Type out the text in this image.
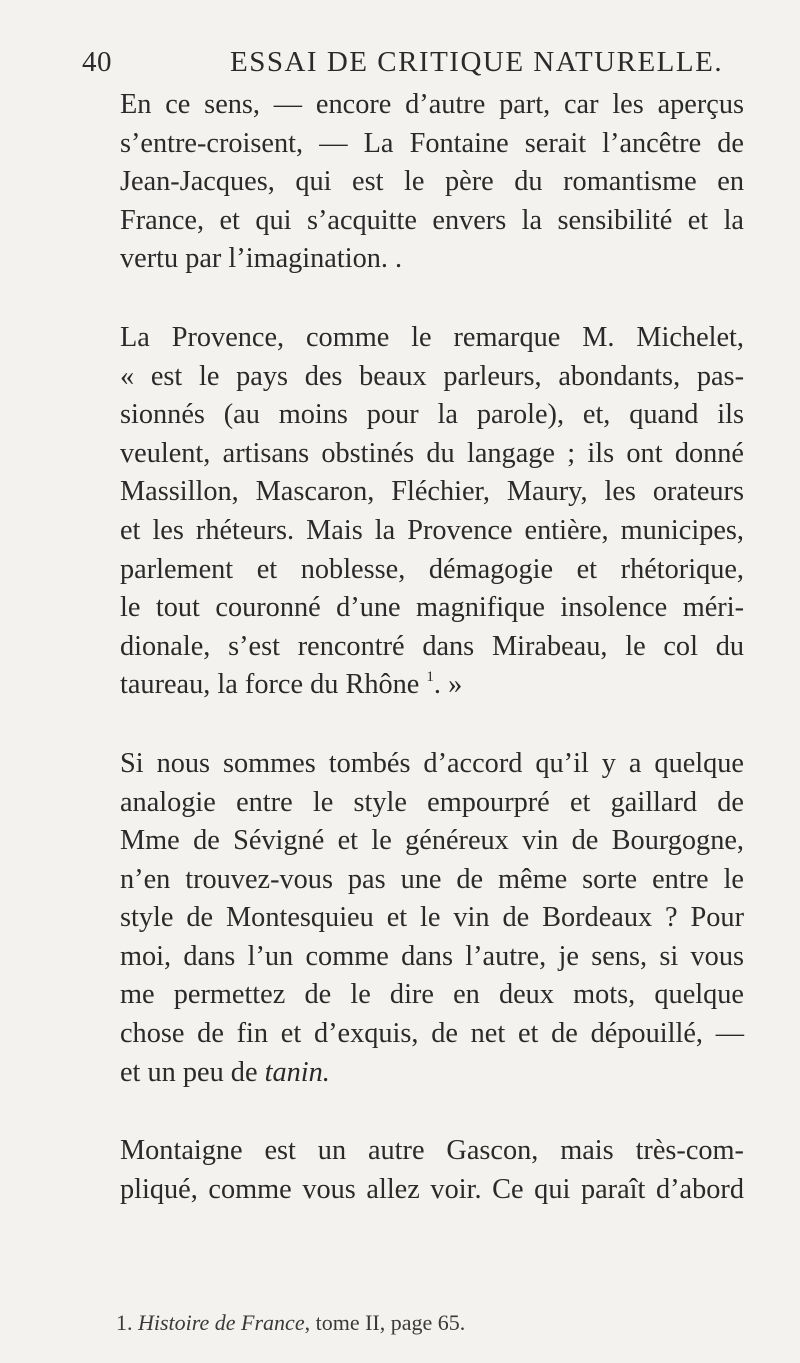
40	ESSAI DE CRITIQUE NATURELLE.
En ce sens, — encore d’autre part, car les aperçus
s’entre-croisent, — La Fontaine serait l’ancêtre de
Jean-Jacques, qui est le père du romantisme en
France, et qui s’acquitte envers la sensibilité et la
vertu par l’imagination. .
La Provence, comme le remarque M. Michelet,
« est le pays des beaux parleurs, abondants, pas-
sionnés (au moins pour la parole), et, quand ils
veulent, artisans obstinés du langage ; ils ont donné
Massillon, Mascaron, Fléchier, Maury, les orateurs
et les rhéteurs. Mais la Provence entière, municipes,
parlement et noblesse, démagogie et rhétorique,
le tout couronné d’une magnifique insolence méri-
dionale, s’est rencontré dans Mirabeau, le col du
taureau, la force du Rhône $^1$. »
Si nous sommes tombés d’accord qu’il y a quelque
analogie entre le style empourpré et gaillard de
Mme de Sévigné et le généreux vin de Bourgogne,
n’en trouvez-vous pas une de même sorte entre le
style de Montesquieu et le vin de Bordeaux ? Pour
moi, dans l’un comme dans l’autre, je sens, si vous
me permettez de le dire en deux mots, quelque
chose de fin et d’exquis, de net et de dépouillé, —
et un peu de tanin.
Montaigne est un autre Gascon, mais très-com-
pliqué, comme vous allez voir. Ce qui paraît d’abord
1. Histoire de France, tome II, page 65.
